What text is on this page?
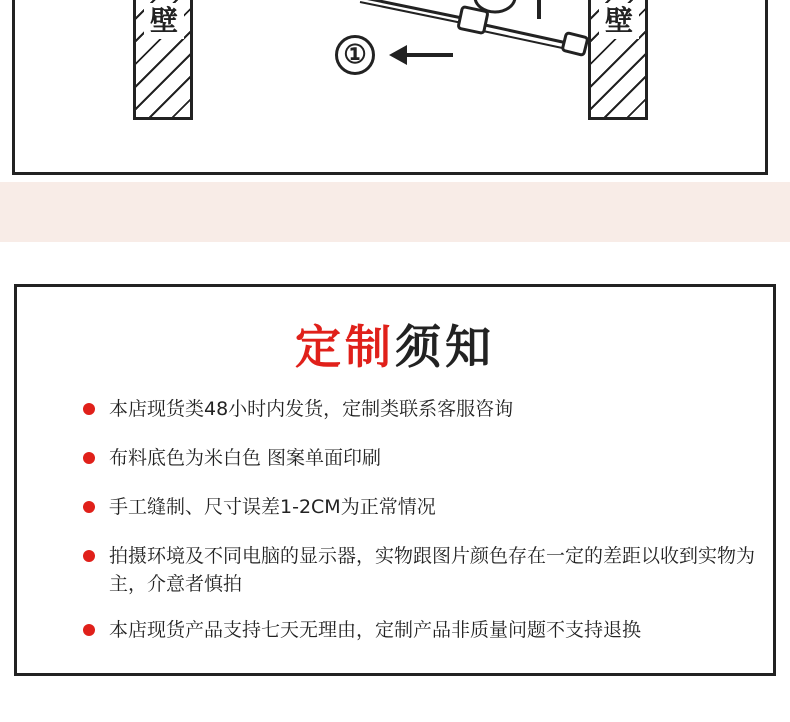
壁	壁
①
定制须知
本店现货类48小时内发货，定制类联系客服咨询
布料底色为米白色 图案单面印刷
手工缝制、尺寸误差1-2CM为正常情况
拍摄环境及不同电脑的显示器，实物跟图片颜色存在一定的差距以收到实物为主，介意者慎拍
本店现货产品支持七天无理由，定制产品非质量问题不支持退换
